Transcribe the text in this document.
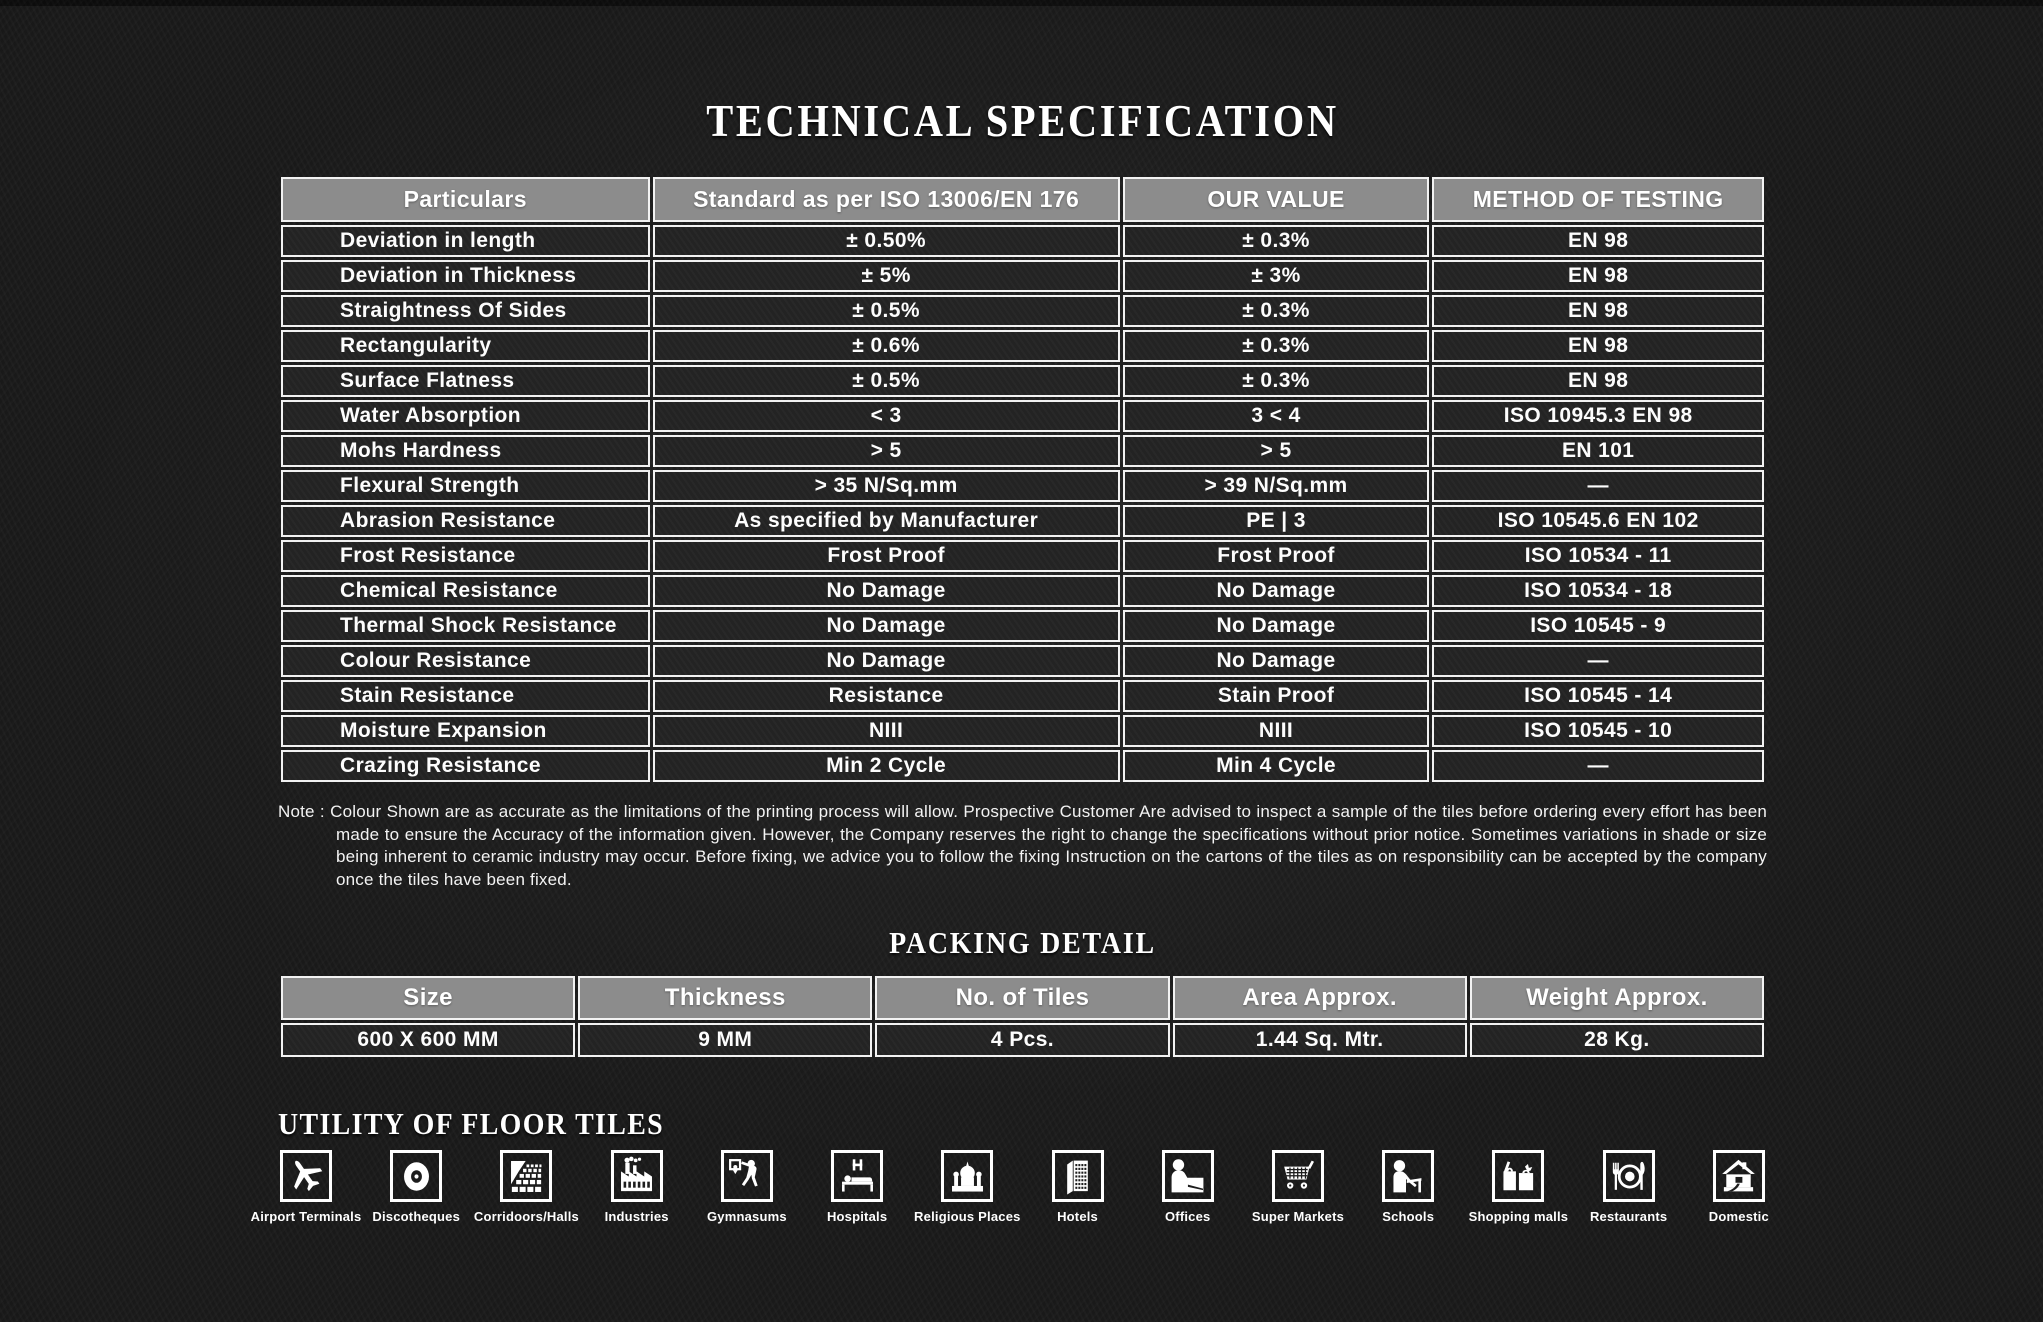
TECHNICAL SPECIFICATION
Particulars	Standard as per ISO 13006/EN 176	OUR VALUE	METHOD OF TESTING
Deviation in length	± 0.50%	± 0.3%	EN 98
Deviation in Thickness	± 5%	± 3%	EN 98
Straightness Of Sides	± 0.5%	± 0.3%	EN 98
Rectangularity	± 0.6%	± 0.3%	EN 98
Surface Flatness	± 0.5%	± 0.3%	EN 98
Water Absorption	< 3	3 < 4	ISO 10945.3 EN 98
Mohs Hardness	> 5	> 5	EN 101
Flexural Strength	> 35 N/Sq.mm	> 39 N/Sq.mm	—
Abrasion Resistance	As specified by Manufacturer	PE | 3	ISO 10545.6 EN 102
Frost Resistance	Frost Proof	Frost Proof	ISO 10534 - 11
Chemical Resistance	No Damage	No Damage	ISO 10534 - 18
Thermal Shock Resistance	No Damage	No Damage	ISO 10545 - 9
Colour Resistance	No Damage	No Damage	—
Stain Resistance	Resistance	Stain Proof	ISO 10545 - 14
Moisture Expansion	NIII	NIII	ISO 10545 - 10
Crazing Resistance	Min 2 Cycle	Min 4 Cycle	—

Note : Colour Shown are as accurate as the limitations of the printing process will allow. Prospective Customer Are advised to inspect a sample of the tiles before ordering every effort has been made to ensure the Accuracy of the information given. However, the Company reserves the right to change the specifications without prior notice. Sometimes variations in shade or size being inherent to ceramic industry may occur. Before fixing, we advice you to follow the fixing Instruction on the cartons of the tiles as on responsibility can be accepted by the company once the tiles have been fixed.

PACKING DETAIL
Size	Thickness	No. of Tiles	Area Approx.	Weight Approx.
600 X 600 MM	9 MM	4 Pcs.	1.44 Sq. Mtr.	28 Kg.
UTILITY OF FLOOR TILES
Airport Terminals Discotheques Corridoors/Halls Industries	Gymnasums	Hospitals Religious Places	Hotels	Offices	Super Markets	Schools	Shopping malls Restaurants	Domestic
